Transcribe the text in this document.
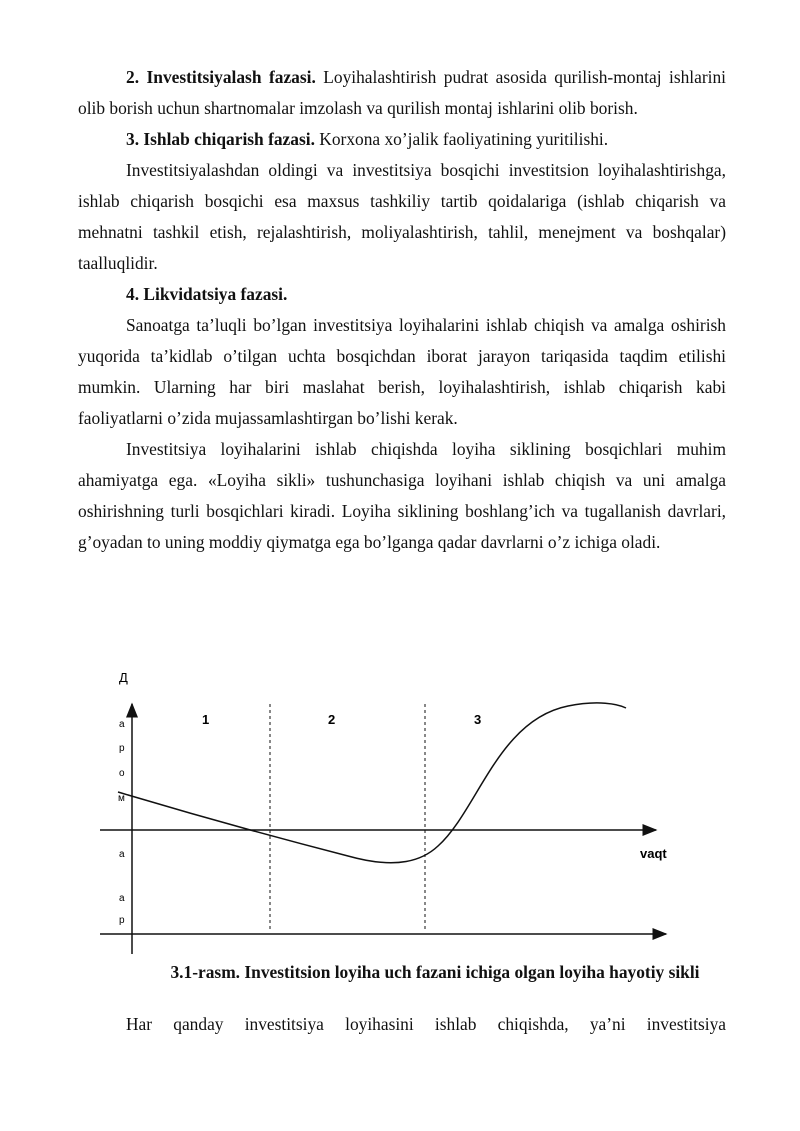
2. Investitsiyalash fazasi. Loyihalashtirish pudrat asosida qurilish-montaj ishlarini olib borish uchun shartnomalar imzolash va qurilish montaj ishlarini olib borish.

3. Ishlab chiqarish fazasi. Korxona xo’jalik faoliyatining yuritilishi.

Investitsiyalashdan oldingi va investitsiya bosqichi investitsion loyihalashtirishga, ishlab chiqarish bosqichi esa maxsus tashkiliy tartib qoidalariga (ishlab chiqarish va mehnatni tashkil etish, rejalashtirish, moliyalashtirish, tahlil, menejment va boshqalar) taalluqlidir.

4. Likvidatsiya fazasi.

Sanoatga ta’luqli bo’lgan investitsiya loyihalarini ishlab chiqish va amalga oshirish yuqorida ta’kidlab o’tilgan uchta bosqichdan iborat jarayon tariqasida taqdim etilishi mumkin. Ularning har biri maslahat berish, loyihalashtirish, ishlab chiqarish kabi faoliyatlarni o’zida mujassamlashtirgan bo’lishi kerak.

Investitsiya loyihalarini ishlab chiqishda loyiha siklining bosqichlari muhim ahamiyatga ega. «Loyiha sikli» tushunchasiga loyihani ishlab chiqish va uni amalga oshirishning turli bosqichlari kiradi. Loyiha siklining boshlang’ich va tugallanish davrlari, g’oyadan to uning moddiy qiymatga ega bo’lganga qadar davrlarni o’z ichiga oladi.

Д
а
р
о
м
а
а
р
1	2	3
vaqt
3.1-rasm. Investitsion loyiha uch fazani ichiga olgan loyiha hayotiy sikli
Har qanday investitsiya loyihasini ishlab chiqishda, ya’ni investitsiya
